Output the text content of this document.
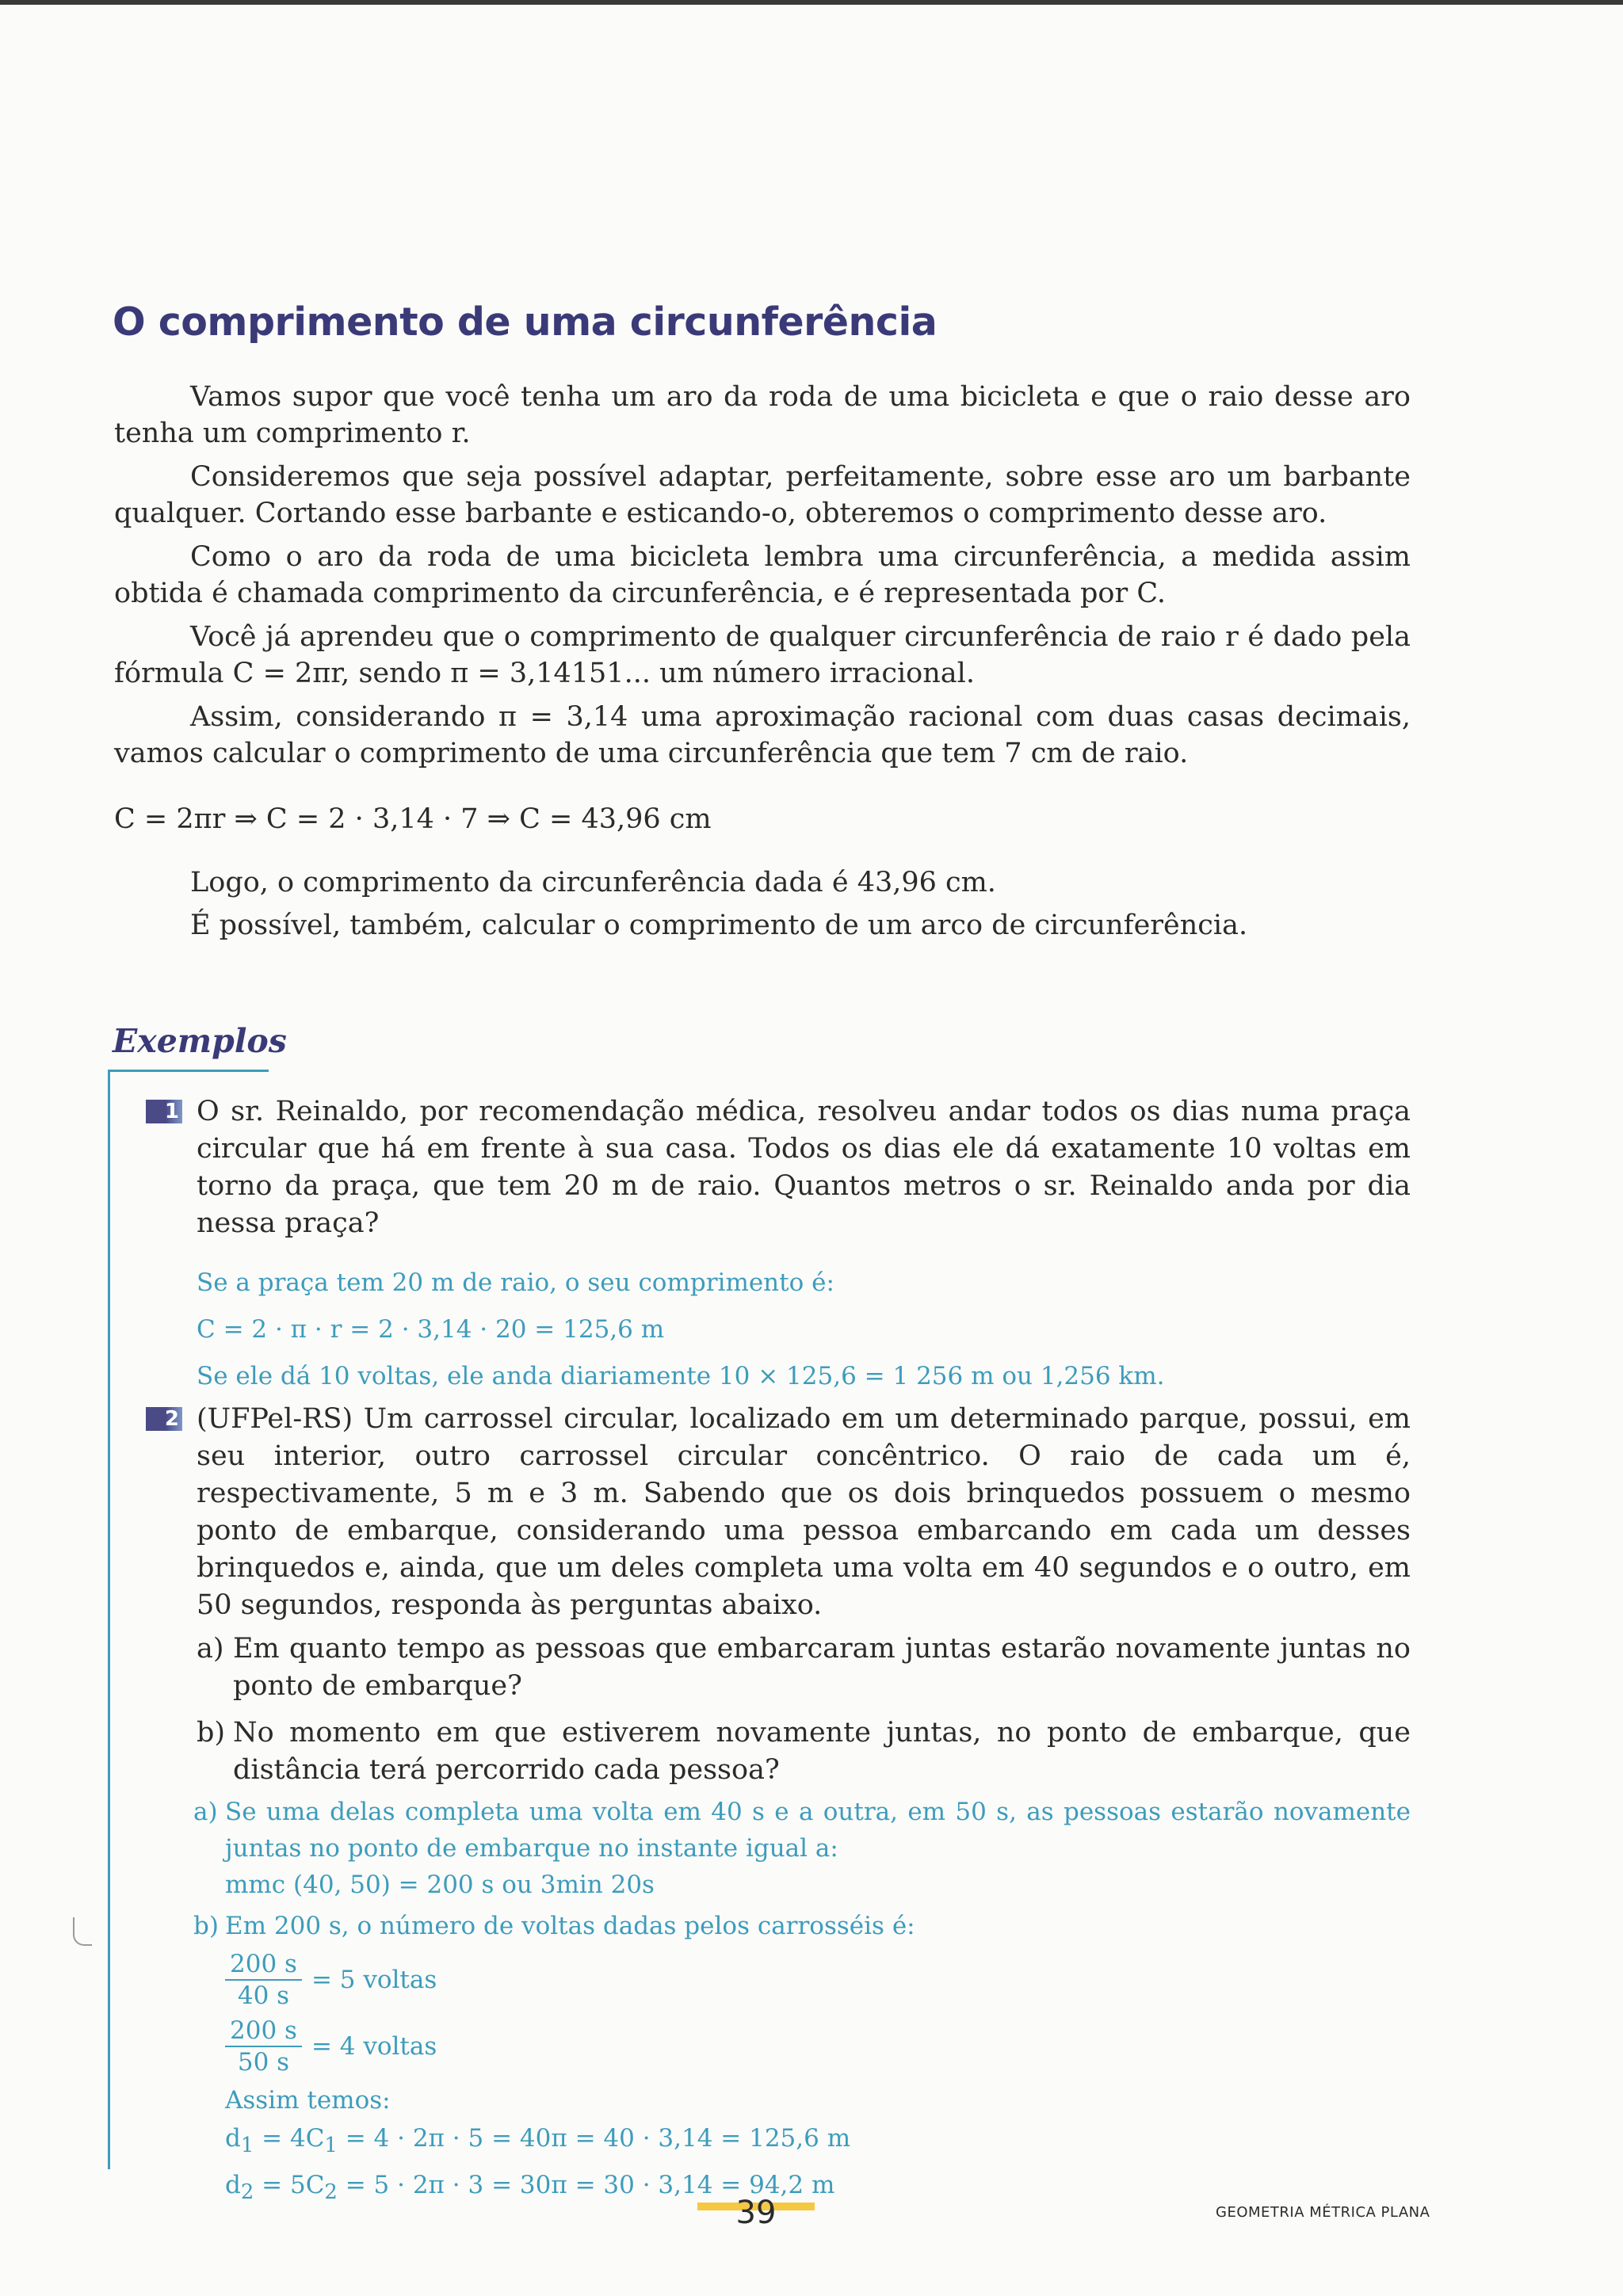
O comprimento de uma circunferência

Vamos supor que você tenha um aro da roda de uma bicicleta e que o raio desse aro tenha um comprimento r.

Consideremos que seja possível adaptar, perfeitamente, sobre esse aro um barbante qualquer. Cortando esse barbante e esticando-o, obteremos o comprimento desse aro.

Como o aro da roda de uma bicicleta lembra uma circunferência, a medida assim obtida é chamada comprimento da circunferência, e é representada por C.

Você já aprendeu que o comprimento de qualquer circunferência de raio r é dado pela fórmula C = 2πr, sendo π = 3,14151... um número irracional.

Assim, considerando π = 3,14 uma aproximação racional com duas casas decimais, vamos calcular o comprimento de uma circunferência que tem 7 cm de raio.

C = 2πr ⇒ C = 2 · 3,14 · 7 ⇒ C = 43,96 cm

Logo, o comprimento da circunferência dada é 43,96 cm.

É possível, também, calcular o comprimento de um arco de circunferência.

Exemplos
1 O sr. Reinaldo, por recomendação médica, resolveu andar todos os dias numa praça circular que há em frente à sua casa. Todos os dias ele dá exatamente 10 voltas em torno da praça, que tem 20 m de raio. Quantos metros o sr. Reinaldo anda por dia nessa praça?

Se a praça tem 20 m de raio, o seu comprimento é:

C = 2 · π · r = 2 · 3,14 · 20 = 125,6 m

Se ele dá 10 voltas, ele anda diariamente 10 × 125,6 = 1 256 m ou 1,256 km.

2 (UFPel-RS) Um carrossel circular, localizado em um determinado parque, possui, em seu interior, outro carrossel circular concêntrico. O raio de cada um é, respectivamente, 5 m e 3 m. Sabendo que os dois brinquedos possuem o mesmo ponto de embarque, considerando uma pessoa embarcando em cada um desses brinquedos e, ainda, que um deles completa uma volta em 40 segundos e o outro, em 50 segundos, responda às perguntas abaixo.

a) Em quanto tempo as pessoas que embarcaram juntas estarão novamente juntas no ponto de embarque?
b) No momento em que estiverem novamente juntas, no ponto de embarque, que distância terá percorrido cada pessoa?
a) Se uma delas completa uma volta em 40 s e a outra, em 50 s, as pessoas estarão novamente juntas no ponto de embarque no instante igual a:
mmc (40, 50) = 200 s ou 3min 20s
b) Em 200 s, o número de voltas dadas pelos carrosséis é:
$\frac{200 s}{40 s} = 5$ voltas
$\frac{200 s}{50 s} = 4$ voltas
Assim temos:
$d_1 = 4C_1 = 4 \cdot 2\pi \cdot 5 = 40\pi = 40 \cdot 3,14 = 125,6$ m
$d_2 = 5C_2 = 5 \cdot 2\pi \cdot 3 = 30\pi = 30 \cdot 3,14 = 94,2$ m
39	GEOMETRIA MÉTRICA PLANA
